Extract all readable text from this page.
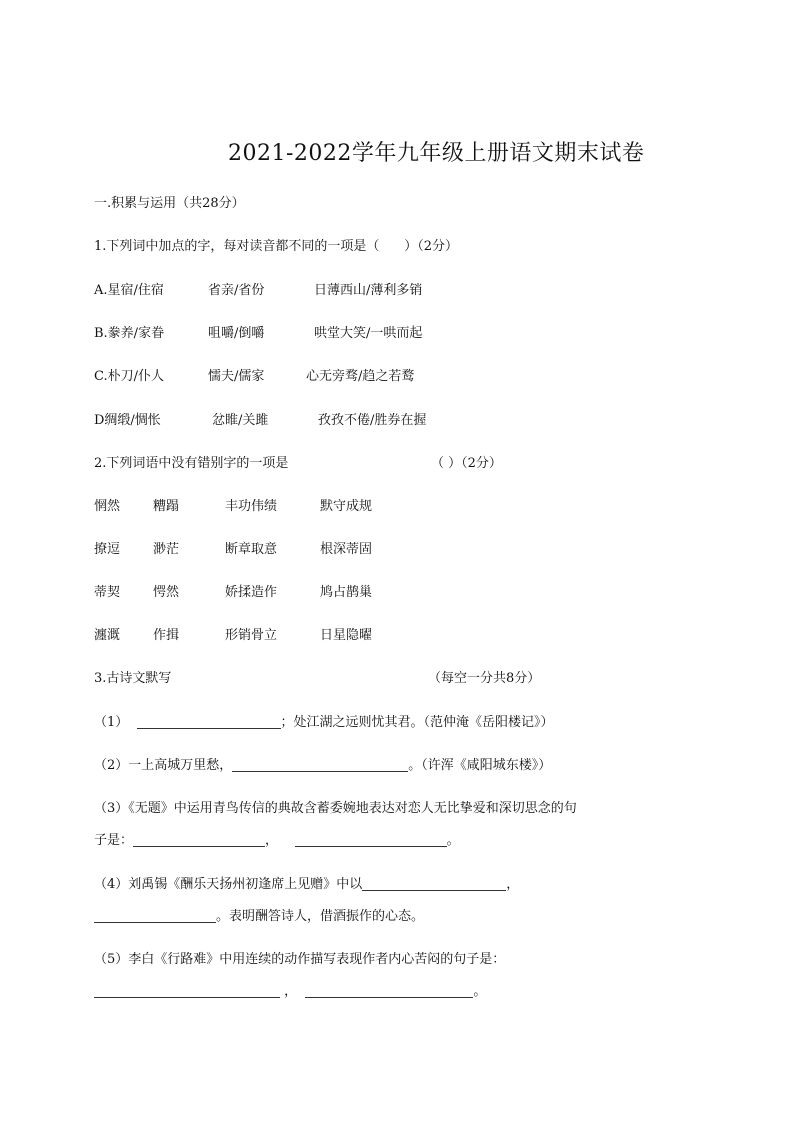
2021-2022学年九年级上册语文期末试卷
一.积累与运用（共28分）
1.下列词中加点的字，每对读音都不同的一项是（      ）（2分）
A.星宿/住宿	省亲/省份	日薄西山/薄利多销
B.豢养/家眷	咀嚼/倒嚼	哄堂大笑/一哄而起
C.朴刀/仆人	懦夫/儒家	心无旁骛/趋之若鹜
D绸缎/惆怅	忿睢/关雎	孜孜不倦/胜券在握
2.下列词语中没有错别字的一项是	（ ）（2分）
惘然	糟蹋	丰功伟绩	默守成规
撩逗	渺茫	断章取意	根深蒂固
蒂契	愕然	娇揉造作	鸠占鹊巢
瀍溉	作揖	形销骨立	日星隐曜
3.古诗文默写	（每空一分共8分）
（1）	；处江湖之远则忧其君。（范仲淹《岳阳楼记》）
（2）一上高城万里愁，	。（许浑《咸阳城东楼》）
（3）《无题》中运用青鸟传信的典故含蓄委婉地表达对恋人无比挚爱和深切思念的句
子是：	，	。
（4）刘禹锡《酬乐天扬州初逢席上见赠》中以	，
。表明酬答诗人，借酒振作的心态。
（5）李白《行路难》中用连续的动作描写表现作者内心苦闷的句子是：
，	。
